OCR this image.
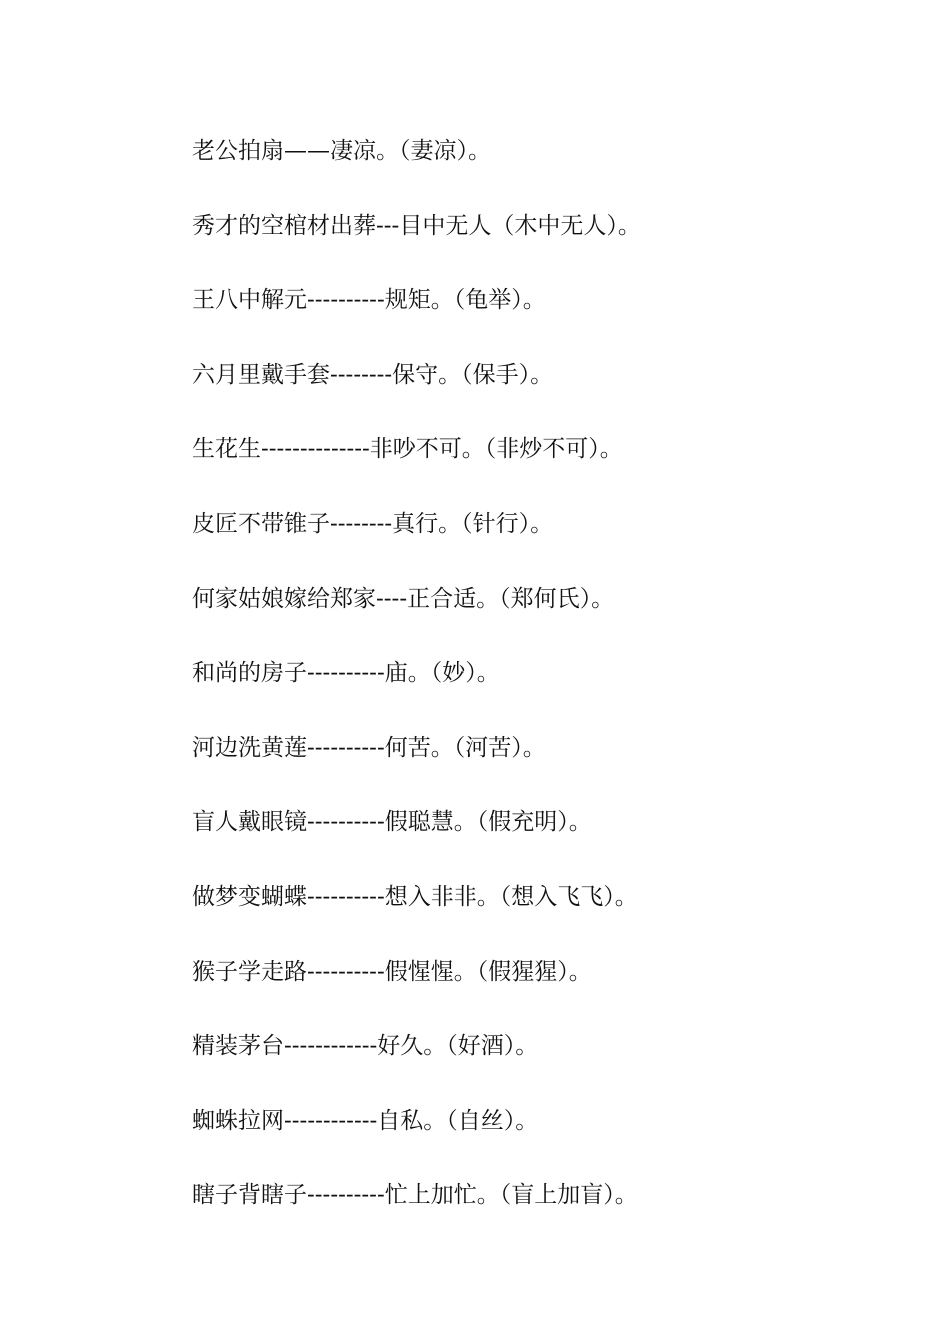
老公拍扇——凄凉。（妻凉）。
秀才的空棺材出葬---目中无人（木中无人）。
王八中解元----------规矩。（龟举）。
六月里戴手套--------保守。（保手）。
生花生--------------非吵不可。（非炒不可）。
皮匠不带锥子--------真行。（针行）。
何家姑娘嫁给郑家----正合适。（郑何氏）。
和尚的房子----------庙。（妙）。
河边洗黄莲----------何苦。（河苦）。
盲人戴眼镜----------假聪慧。（假充明）。
做梦变蝴蝶----------想入非非。（想入飞飞）。
猴子学走路----------假惺惺。（假猩猩）。
精装茅台------------好久。（好酒）。
蜘蛛拉网------------自私。（自丝）。
瞎子背瞎子----------忙上加忙。（盲上加盲）。
